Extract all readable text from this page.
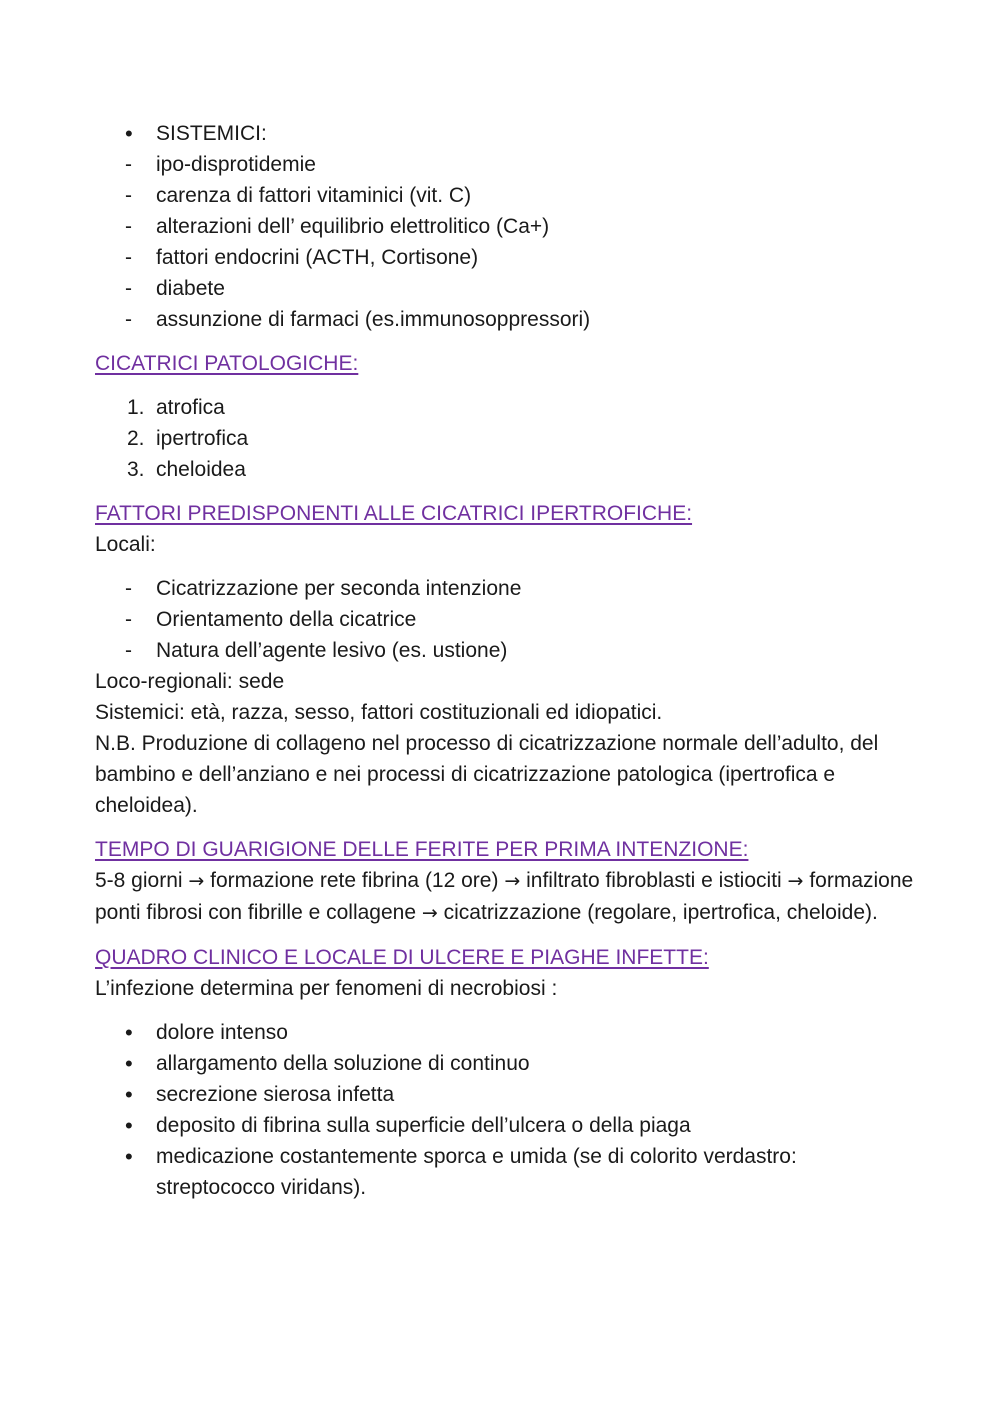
•	SISTEMICI:
-	ipo-disprotidemie
-	carenza di fattori vitaminici (vit. C)
-	alterazioni dell’ equilibrio elettrolitico (Ca+)
-	fattori endocrini (ACTH, Cortisone)
-	diabete
-	assunzione di farmaci (es.immunosoppressori)

CICATRICI PATOLOGICHE:

1. atrofica
2. ipertrofica
3. cheloidea

FATTORI PREDISPONENTI ALLE CICATRICI IPERTROFICHE:

Locali:

-	Cicatrizzazione per seconda intenzione
-	Orientamento della cicatrice
-	Natura dell’agente lesivo (es. ustione)

Loco-regionali: sede

Sistemici: età, razza, sesso, fattori costituzionali ed idiopatici.

N.B. Produzione di collageno nel processo di cicatrizzazione normale dell’adulto, del bambino e dell’anziano e nei processi di cicatrizzazione patologica (ipertrofica e cheloidea).

TEMPO DI GUARIGIONE DELLE FERITE PER PRIMA INTENZIONE:

5-8 giorni → formazione rete fibrina (12 ore) → infiltrato fibroblasti e istiociti → formazione ponti fibrosi con fibrille e collagene → cicatrizzazione (regolare, ipertrofica, cheloide).

QUADRO CLINICO E LOCALE DI ULCERE E PIAGHE INFETTE:

L’infezione determina per fenomeni di necrobiosi :

•	dolore intenso
•	allargamento della soluzione di continuo
•	secrezione sierosa infetta
•	deposito di fibrina sulla superficie dell’ulcera o della piaga
•	medicazione costantemente sporca e umida (se di colorito verdastro: streptococco viridans).
